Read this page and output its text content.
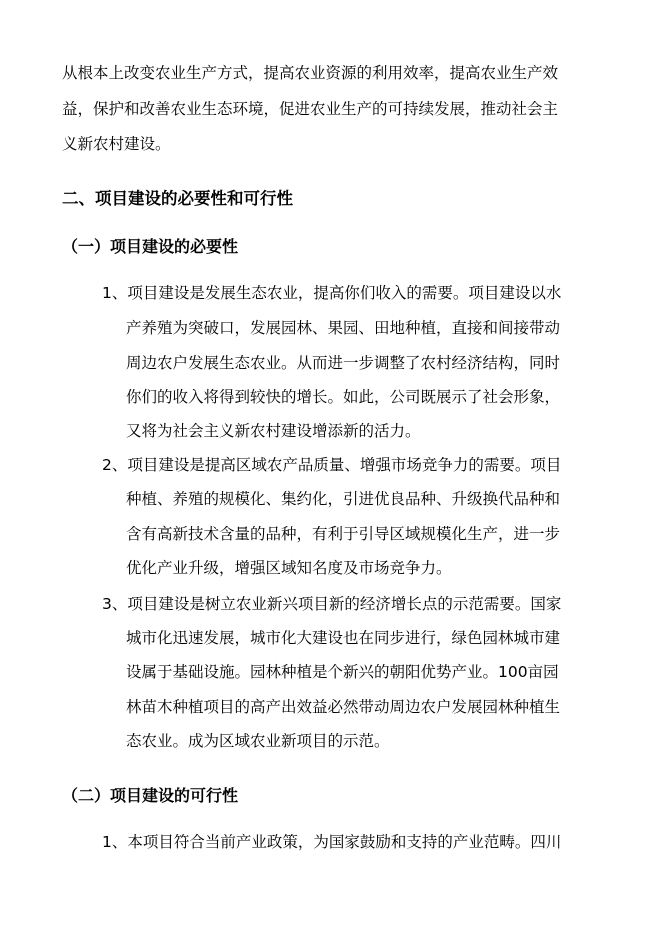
从根本上改变农业生产方式，提高农业资源的利用效率，提高农业生产效
益，保护和改善农业生态环境，促进农业生产的可持续发展，推动社会主
义新农村建设。
二、项目建设的必要性和可行性
（一）项目建设的必要性
1、项目建设是发展生态农业，提高你们收入的需要。项目建设以水
产养殖为突破口，发展园林、果园、田地种植，直接和间接带动
周边农户发展生态农业。从而进一步调整了农村经济结构，同时
你们的收入将得到较快的增长。如此，公司既展示了社会形象，
又将为社会主义新农村建设增添新的活力。
2、项目建设是提高区域农产品质量、增强市场竞争力的需要。项目
种植、养殖的规模化、集约化，引进优良品种、升级换代品种和
含有高新技术含量的品种，有利于引导区域规模化生产，进一步
优化产业升级，增强区域知名度及市场竞争力。
3、项目建设是树立农业新兴项目新的经济增长点的示范需要。国家
城市化迅速发展，城市化大建设也在同步进行，绿色园林城市建
设属于基础设施。园林种植是个新兴的朝阳优势产业。100亩园
林苗木种植项目的高产出效益必然带动周边农户发展园林种植生
态农业。成为区域农业新项目的示范。
（二）项目建设的可行性
1、本项目符合当前产业政策，为国家鼓励和支持的产业范畴。四川
